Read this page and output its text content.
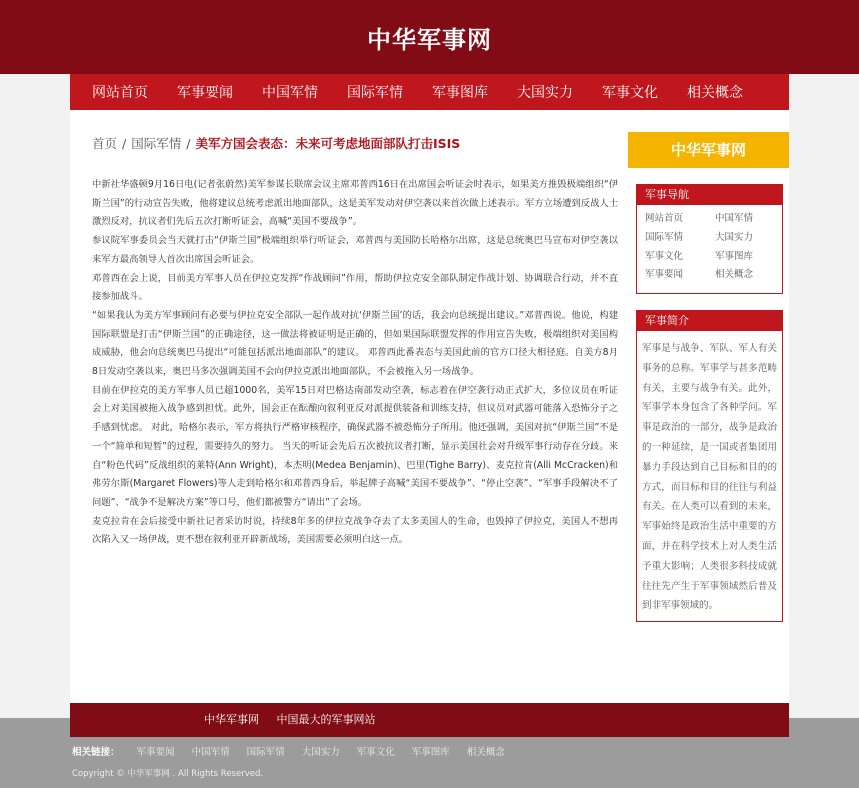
中华军事网
网站首页 军事要闻 中国军情 国际军情 军事图库 大国实力 军事文化 相关概念
首页 / 国际军情 / 美军方国会表态：未来可考虑地面部队打击ISIS

中新社华盛顿9月16日电(记者张蔚然)美军参谋长联席会议主席邓普西16日在出席国会听证会时表示，如果美方推毁极端组织“伊斯兰国”的行动宣告失败，他将建议总统考虑派出地面部队，这是美军发动对伊空袭以来首次做上述表示。军方立场遭到反战人士激烈反对，抗议者们先后五次打断听证会，高喊“美国不要战争”。

参议院军事委员会当天就打击“伊斯兰国”极端组织举行听证会，邓普西与美国防长哈格尔出席，这是总统奥巴马宣布对伊空袭以来军方最高领导人首次出席国会听证会。

邓普西在会上说，目前美方军事人员在伊拉克发挥“作战顾问”作用，帮助伊拉克安全部队制定作战计划、协调联合行动，并不直接参加战斗。

“如果我认为美方军事顾问有必要与伊拉克安全部队一起作战对抗‘伊斯兰国’的话，我会向总统提出建议。”邓普西说。他说，构建国际联盟是打击“伊斯兰国”的正确途径，这一做法将被证明是正确的，但如果国际联盟发挥的作用宣告失败，极端组织对美国构成威胁，他会向总统奥巴马提出“可能包括派出地面部队”的建议。 邓普西此番表态与美国此前的官方口径大相径庭。自美方8月8日发动空袭以来，奥巴马多次强调美国不会向伊拉克派出地面部队，不会被拖入另一场战争。

目前在伊拉克的美方军事人员已超1000名，美军15日对巴格达南部发动空袭，标志着在伊空袭行动正式扩大，多位议员在听证会上对美国被拖入战争感到担忧。此外，国会正在酝酿向叙利亚反对派提供装备和训练支持，但议员对武器可能落入恐怖分子之手感到忧虑。 对此，哈格尔表示，军方将执行严格审核程序，确保武器不被恐怖分子所用。他还强调，美国对抗“伊斯兰国”不是一个“简单和短暂”的过程，需要持久的努力。 当天的听证会先后五次被抗议者打断，显示美国社会对升级军事行动存在分歧。来自“粉色代码”反战组织的莱特(Ann Wright)，本杰明(Medea Benjamin)、巴里(Tighe Barry)、麦克拉肯(Alli McCracken)和弗劳尔斯(Margaret Flowers)等人走到哈格尔和邓普西身后，举起牌子高喊“美国不要战争”、“停止空袭”、“军事手段解决不了问题”、“战争不是解决方案”等口号，他们都被警方“请出”了会场。

麦克拉肯在会后接受中新社记者采访时说，持续8年多的伊拉克战争夺去了太多美国人的生命，也毁掉了伊拉克，美国人不想再次陷入又一场伊战，更不想在叙利亚开辟新战场，美国需要必须明白这一点。

中华军事网
军事导航
网站首页	中国军情
国际军情	大国实力
军事文化	军事图库
军事要闻	相关概念
军事简介
军事是与战争、军队、军人有关事务的总称。军事学与甚多范畴有关，主要与战争有关。此外，军事学本身包含了各种学问。军事是政治的一部分，战争是政治的一种延续，是一国或者集团用暴力手段达到自己目标和目的的方式，而目标和目的往往与利益有关。在人类可以看到的未来，军事始终是政治生活中重要的方面，并在科学技术上对人类生活予重大影响；人类很多科技成就往往先产生于军事领域然后普及到非军事领域的。
中华军事网 中国最大的军事网站
相关链接： 军事要闻 中国军情 国际军情 大国实力 军事文化 军事图库 相关概念
Copyright © 中华军事网 . All Rights Reserved.
